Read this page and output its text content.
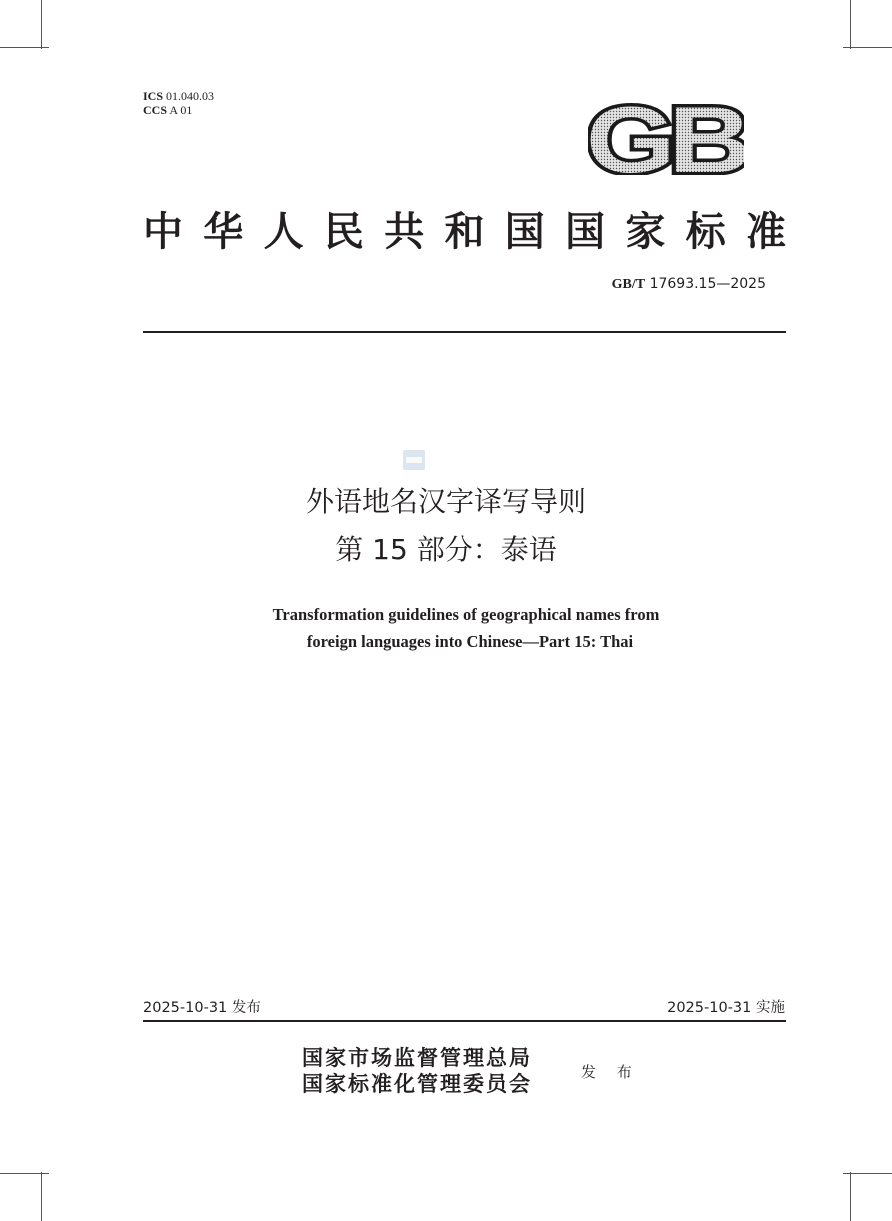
ICS 01.040.03
CCS A 01	GB
中华人民共和国国家标准
GB/T 17693.15—2025
外语地名汉字译写导则
第 15 部分：泰语
Transformation guidelines of geographical names from
foreign languages into Chinese—Part 15: Thai
2025-10-31 发布	2025-10-31 实施
国家市场监督管理总局
国家标准化管理委员会	发 布
